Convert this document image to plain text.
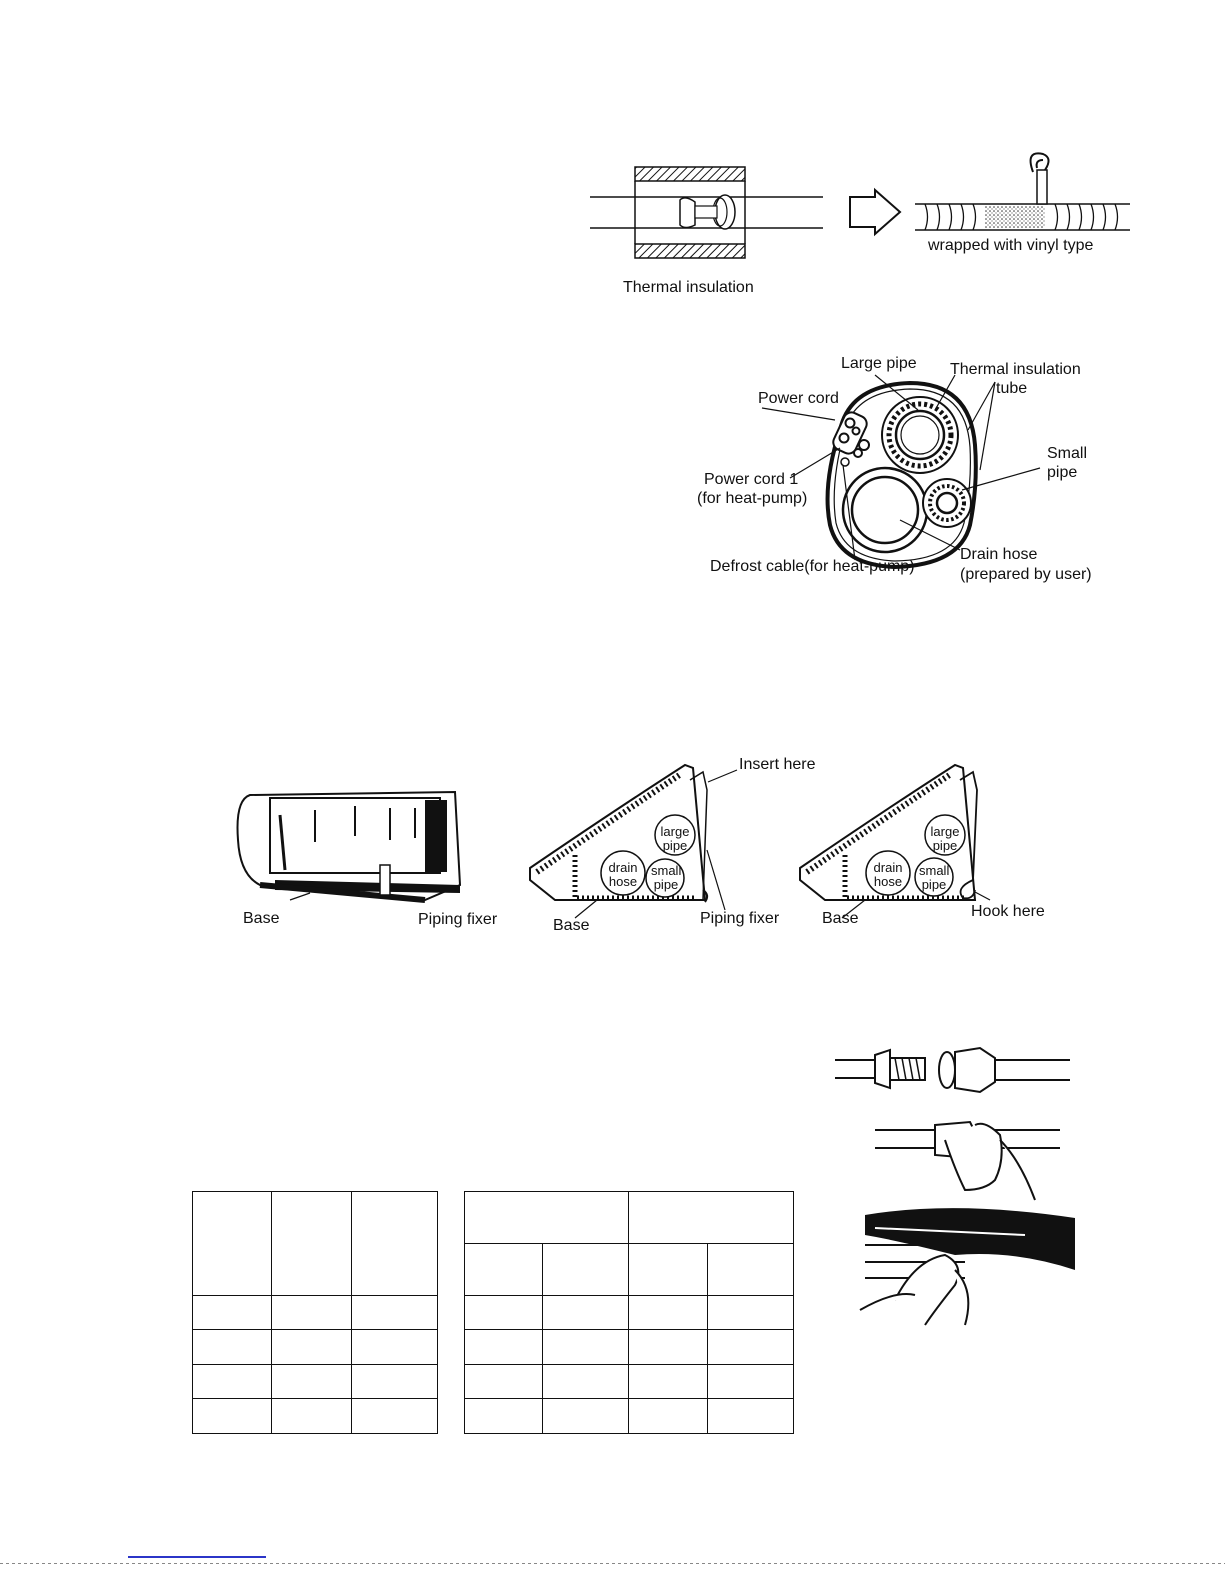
Thermal insulation
wrapped with vinyl type
Large pipe Thermal insulation
tube
Power cord
Power cord 1
(for heat-pump)
Small
pipe
Drain hose
(prepared by user)
Defrost cable(for heat-pump)
Base	Piping fixer
large
pipe
drain
hose
small
pipe
Insert here
Base	Piping fixer
large
pipe
drain
hose
small
pipe
Base	Hook here
